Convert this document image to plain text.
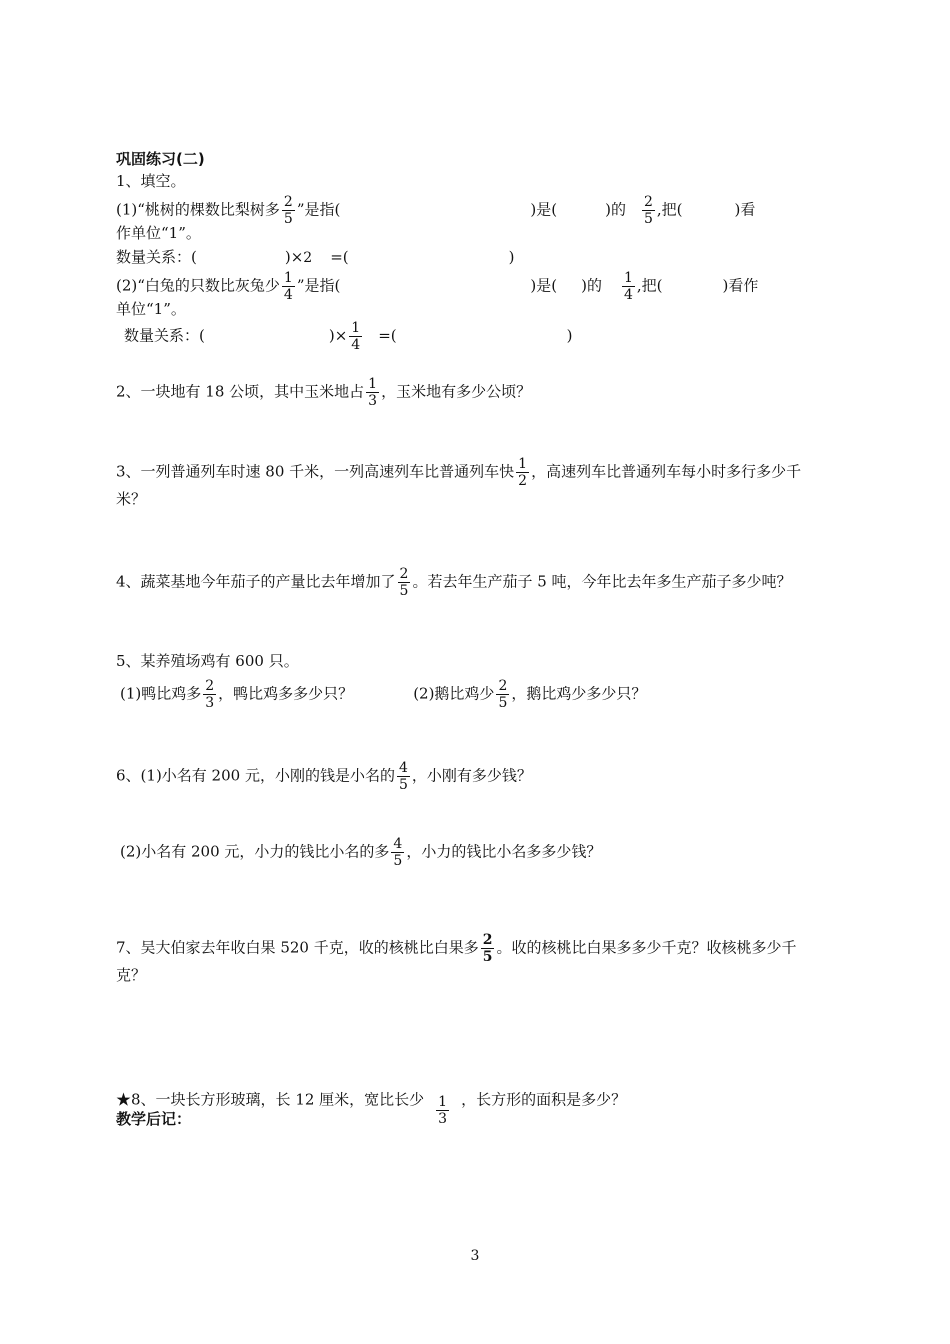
巩固练习(二)
1、填空。
(1)“桃树的棵数比梨树多 $\frac{2}{5}$ ”是指(	)是(	)的 $\frac{2}{5}$ ,把(	)看
作单位“1”。
数量关系：(	)×2 =(	)
(2)“白兔的只数比灰兔少 $\frac{1}{4}$ ”是指(	)是( )的 $\frac{1}{4}$ ,把(	)看作
单位“1”。
数量关系：(	)× $\frac{1}{4}$ =(	)
2、一块地有 18 公顷，其中玉米地占 $\frac{1}{3}$ ，玉米地有多少公顷？
3、一列普通列车时速 80 千米，一列高速列车比普通列车快 $\frac{1}{2}$ ，高速列车比普通列车每小时多行多少千
米？
4、蔬菜基地今年茄子的产量比去年增加了 $\frac{2}{5}$ 。若去年生产茄子 5 吨，今年比去年多生产茄子多少吨？
5、某养殖场鸡有 600 只。
(1)鸭比鸡多 $\frac{2}{3}$ ，鸭比鸡多多少只？	(2)鹅比鸡少 $\frac{2}{5}$ ，鹅比鸡少多少只？
6、(1)小名有 200 元，小刚的钱是小名的 $\frac{4}{5}$ ，小刚有多少钱？
(2)小名有 200 元，小力的钱比小名的多 $\frac{4}{5}$ ，小力的钱比小名多多少钱？
7、吴大伯家去年收白果 520 千克，收的核桃比白果多 $\frac{2}{5}$ 。收的核桃比白果多多少千克？收核桃多少千
克？
★8、一块长方形玻璃，长 12 厘米，宽比长少 $\frac{1}{3}$ ，长方形的面积是多少？
教学后记：
3
